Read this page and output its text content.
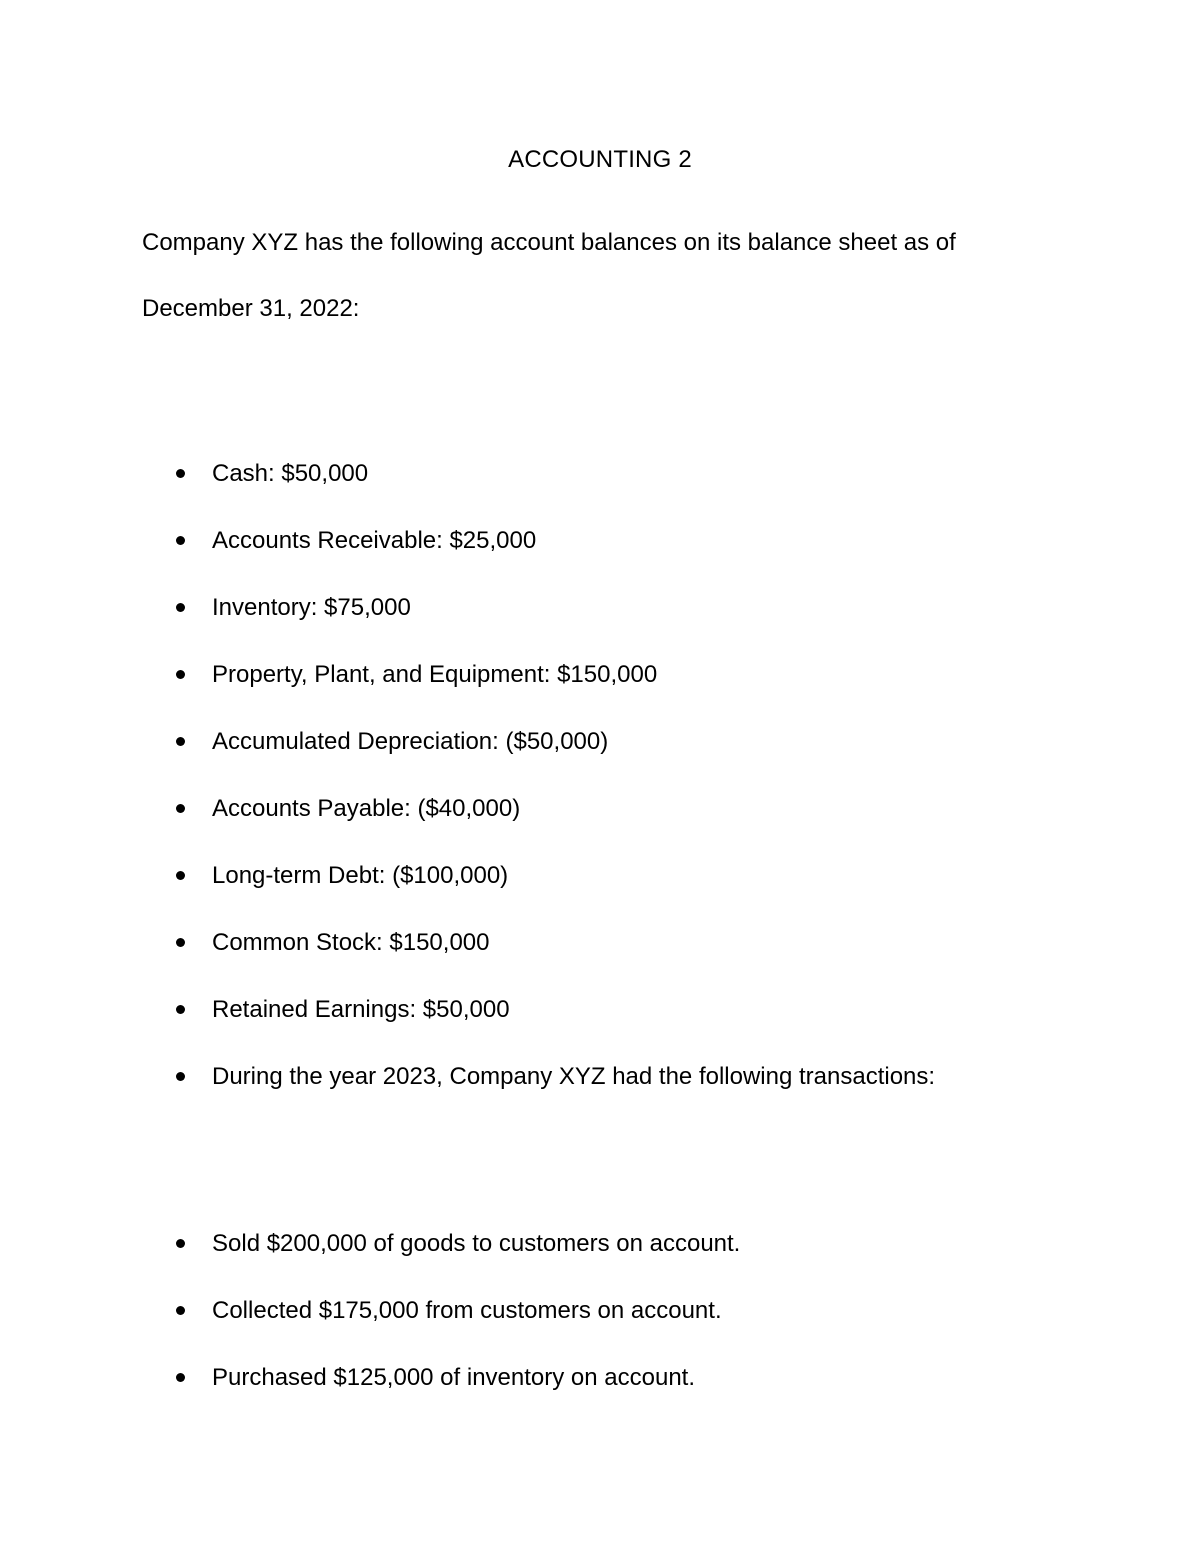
ACCOUNTING 2
Company XYZ has the following account balances on its balance sheet as of
December 31, 2022:
Cash: $50,000
Accounts Receivable: $25,000
Inventory: $75,000
Property, Plant, and Equipment: $150,000
Accumulated Depreciation: ($50,000)
Accounts Payable: ($40,000)
Long-term Debt: ($100,000)
Common Stock: $150,000
Retained Earnings: $50,000
During the year 2023, Company XYZ had the following transactions:
Sold $200,000 of goods to customers on account.
Collected $175,000 from customers on account.
Purchased $125,000 of inventory on account.
